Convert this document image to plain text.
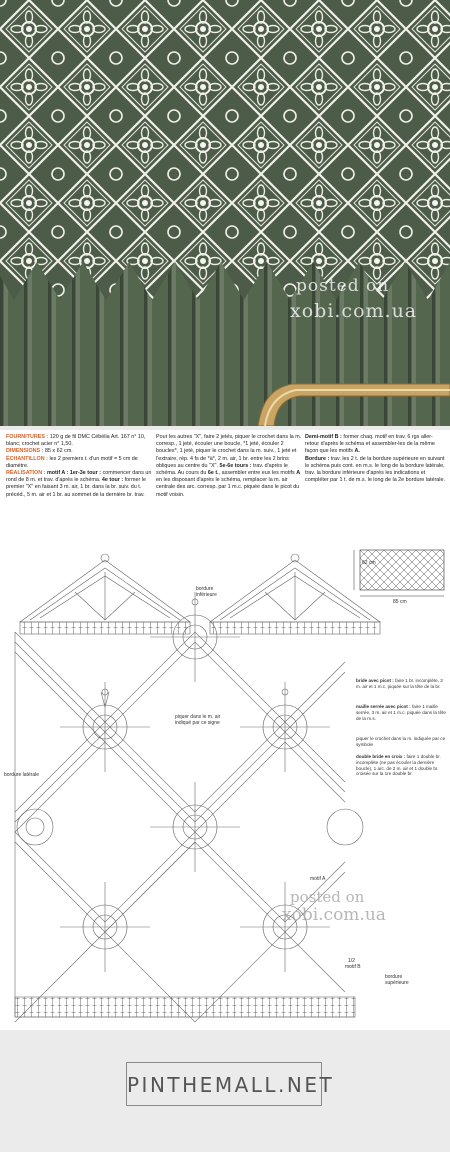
posted on
xobi.com.ua
FOURNITURES : 120 g de fil DMC Cébélia Art. 167 n° 10, blanc; crochet acier n° 1,50.
DIMENSIONS : 85 x 62 cm.
ÉCHANTILLON : les 2 premiers t. d'un motif = 5 cm de diamètre.
RÉALISATION : motif A : 1er-3e tour : commencer dans un rond de 8 m. et trav. d'après le schéma. 4e tour : former le premier "X" en faisant 3 m. air, 1 br. dans la br. suiv. du t. précéd., 5 m. air et 1 br. au sommet de la dernière br. trav.
Pour les autres "X", faire 2 jetés, piquer le crochet dans la m. corresp., 1 jeté, écouler une boucle, *1 jeté, écouler 2 boucles*, 1 jeté, piquer le crochet dans la m. suiv., 1 jeté et l'extraire, rép. 4 fs de *à*, 2 m. air, 1 br. entre les 2 brins obliques au centre du "X". 5e-6e tours : trav. d'après le schéma. Au cours du 6e t., assembler entre eux les motifs A en les disposant d'après le schéma, remplacer la m. air centrale des arc. corresp. par 1 m.c. piquée dans le picot du motif voisin.
Demi-motif B : former chaq. motif en trav. 6 rgs aller-retour d'après le schéma et assembler-les de la même façon que les motifs A.
Bordure : trav. les 2 t. de la bordure supérieure en suivant le schéma puis cont. en m.s. le long de la bordure latérale, trav. la bordure inférieure d'après les indications et compléter par 1 t. de m.s. le long de la 2e bordure latérale.
62 cm
85 cm
bordure inférieure
piquer dans le m. air indiqué par ce signe
bordure latérale
motif A
1/2
motif B
bordure supérieure
posted on
xobi.com.ua
bride avec picot : faire 1 br. incomplète, 3 m. air et 1 m.c. piquée sur la tête de la br.
maille serrée avec picot : faire 1 maille serrée, 3 m. air et 1 m.c. piquée dans la tête de la m.s.
piquer le crochet dans la m. indiquée par ce symbole
double bride en croix : faire 1 double br. incomplète (ne pas écouler la dernière boucle), 1 arc. de 2 m. air et 1 double br. croisée sur la 1re double br.
PINTHEMALL.NET
